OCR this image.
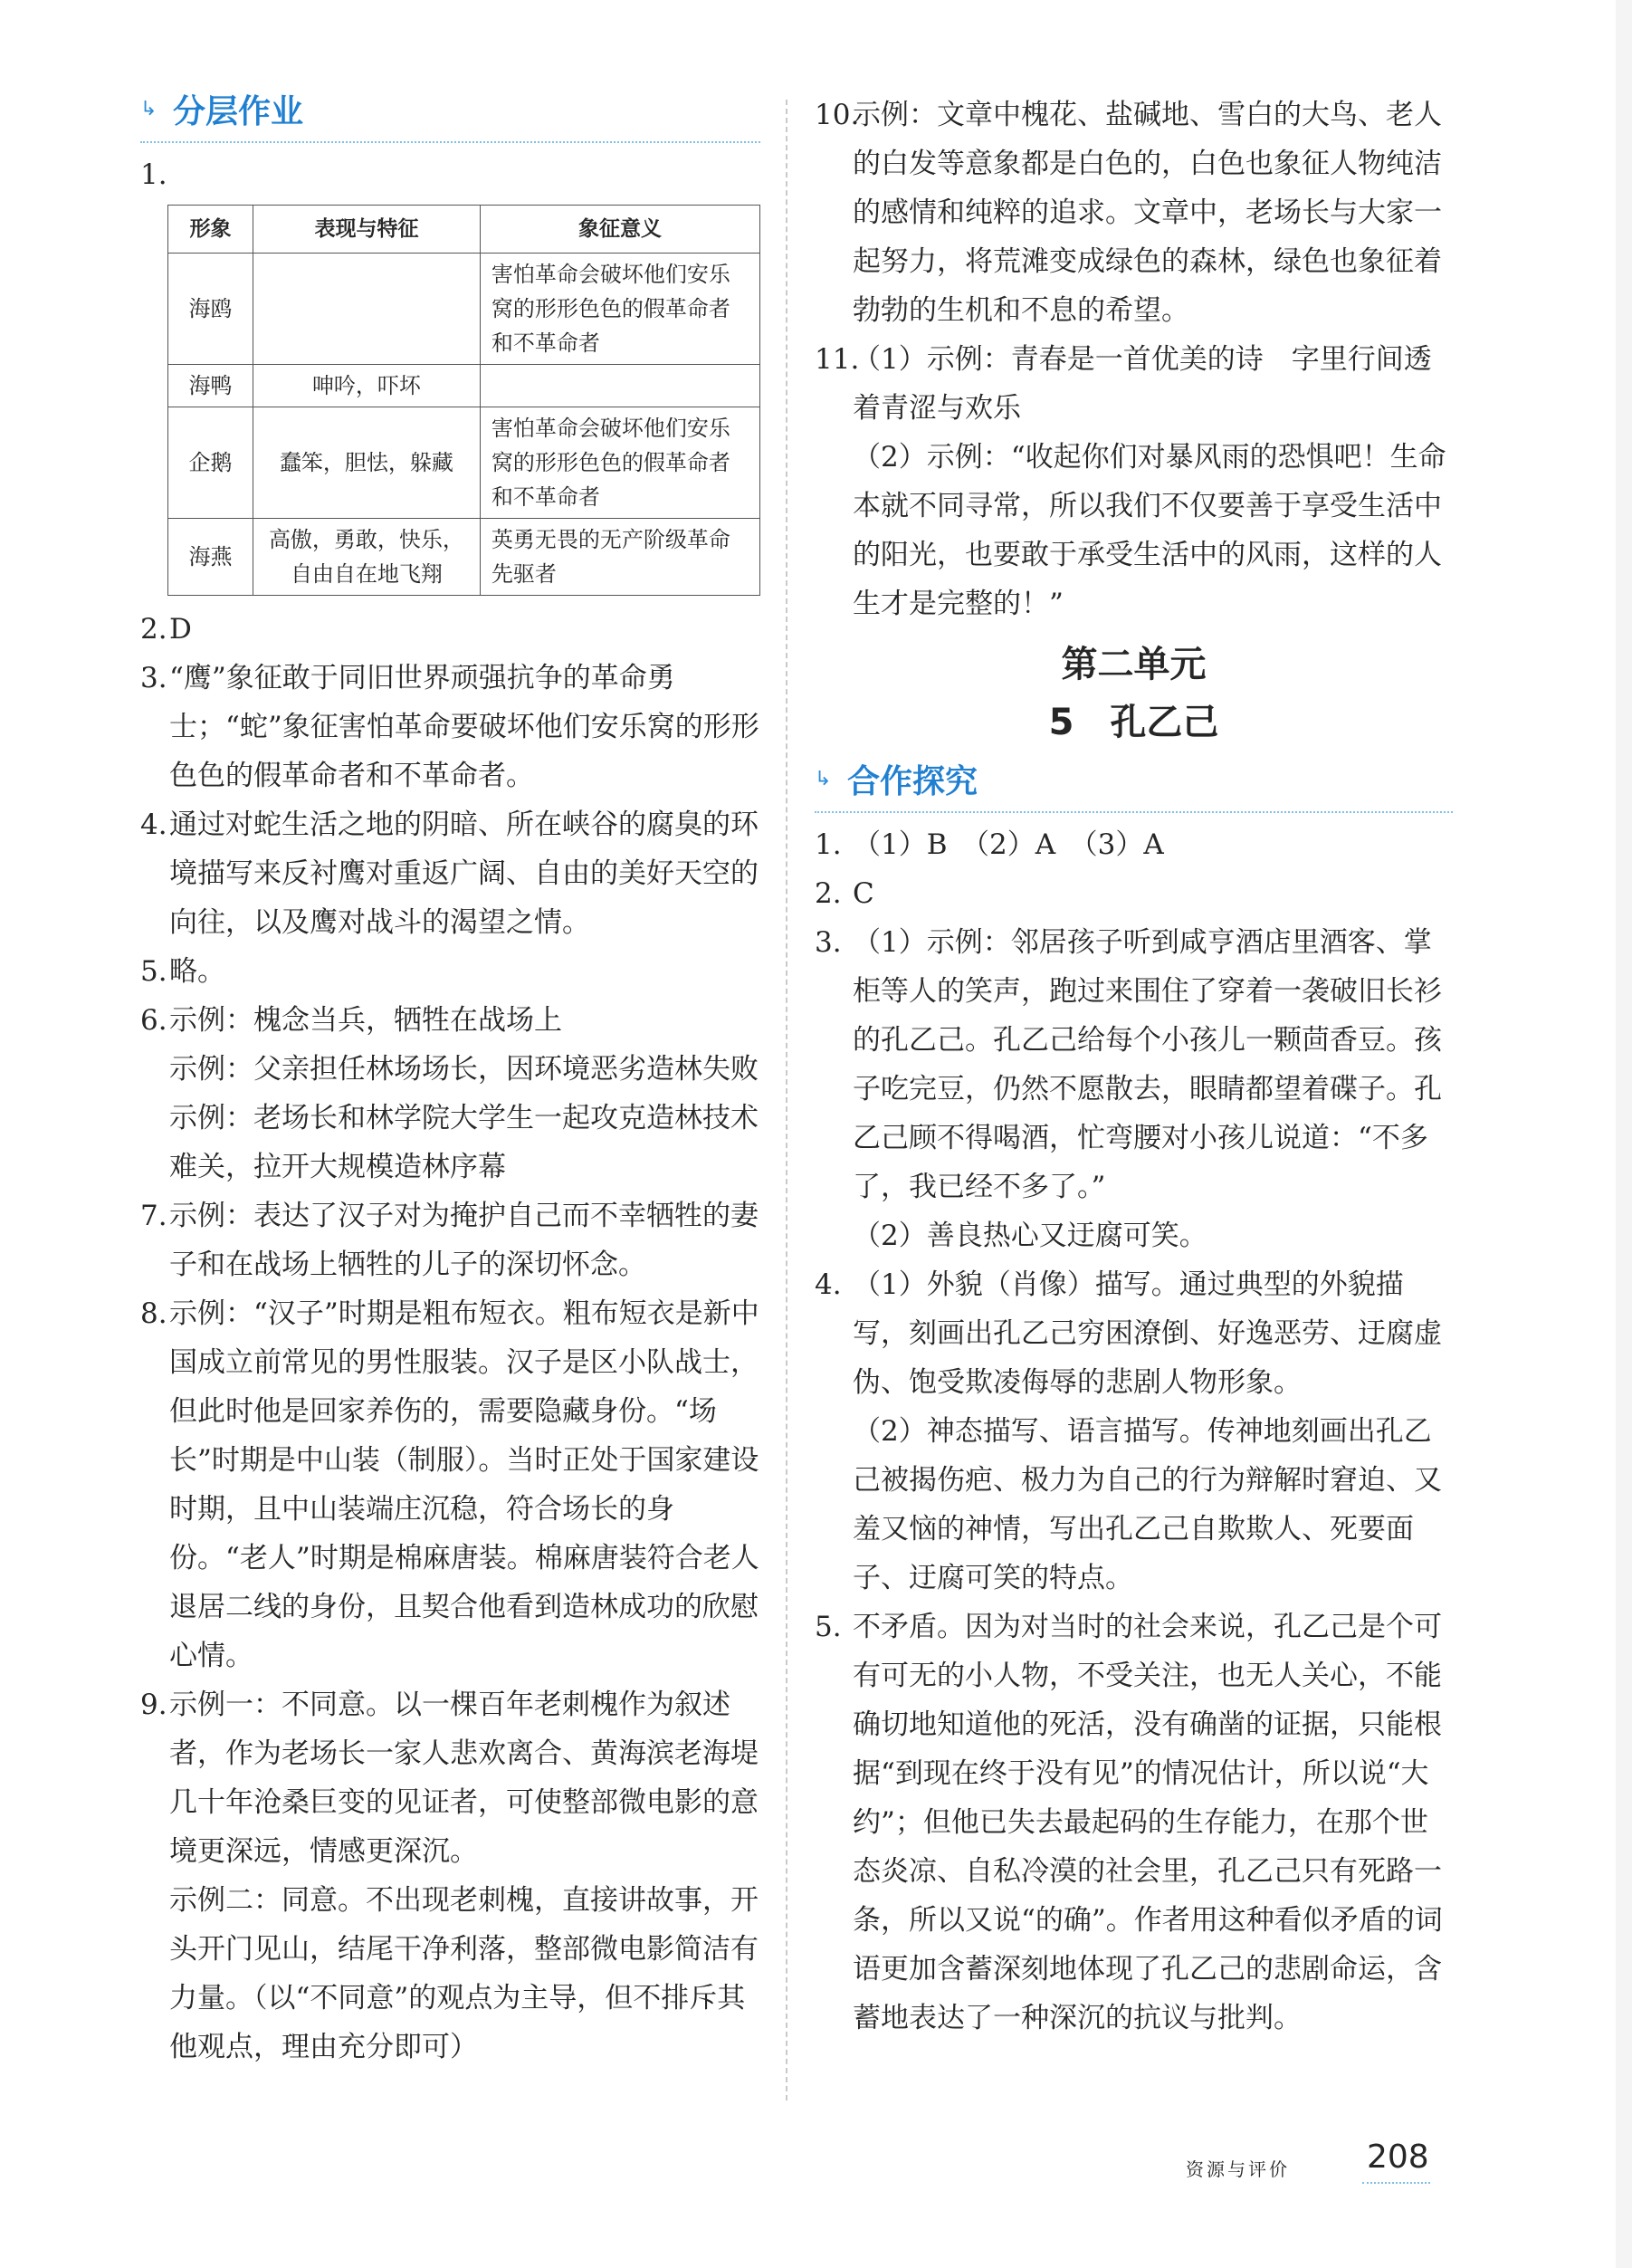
↳ 分层作业
1.

形象	表现与特征	象征意义
海鸥		害怕革命会破坏他们安乐窝的形形色色的假革命者和不革命者
海鸭	呻吟，吓坏	
企鹅	蠢笨，胆怯，躲藏	害怕革命会破坏他们安乐窝的形形色色的假革命者和不革命者
海燕	高傲，勇敢，快乐，自由自在地飞翔	英勇无畏的无产阶级革命先驱者
2. D
3. “鹰”象征敢于同旧世界顽强抗争的革命勇士；“蛇”象征害怕革命要破坏他们安乐窝的形形色色的假革命者和不革命者。
4. 通过对蛇生活之地的阴暗、所在峡谷的腐臭的环境描写来反衬鹰对重返广阔、自由的美好天空的向往，以及鹰对战斗的渴望之情。
5. 略。
6. 示例：槐念当兵，牺牲在战场上
示例：父亲担任林场场长，因环境恶劣造林失败
示例：老场长和林学院大学生一起攻克造林技术难关，拉开大规模造林序幕
7. 示例：表达了汉子对为掩护自己而不幸牺牲的妻子和在战场上牺牲的儿子的深切怀念。
8. 示例：“汉子”时期是粗布短衣。粗布短衣是新中国成立前常见的男性服装。汉子是区小队战士，但此时他是回家养伤的，需要隐藏身份。“场长”时期是中山装（制服）。当时正处于国家建设时期，且中山装端庄沉稳，符合场长的身份。“老人”时期是棉麻唐装。棉麻唐装符合老人退居二线的身份，且契合他看到造林成功的欣慰心情。
9. 示例一：不同意。以一棵百年老刺槐作为叙述者，作为老场长一家人悲欢离合、黄海滨老海堤几十年沧桑巨变的见证者，可使整部微电影的意境更深远，情感更深沉。
示例二：同意。不出现老刺槐，直接讲故事，开头开门见山，结尾干净利落，整部微电影简洁有力量。（以“不同意”的观点为主导，但不排斥其他观点，理由充分即可）
10.
示例：文章中槐花、盐碱地、雪白的大鸟、老人的白发等意象都是白色的，白色也象征人物纯洁的感情和纯粹的追求。文章中，老场长与大家一起努力，将荒滩变成绿色的森林，绿色也象征着勃勃的生机和不息的希望。
11.
（1）示例：青春是一首优美的诗　字里行间透着青涩与欢乐
（2）示例：“收起你们对暴风雨的恐惧吧！生命本就不同寻常，所以我们不仅要善于享受生活中的阳光，也要敢于承受生活中的风雨，这样的人生才是完整的！”
第二单元
5 孔乙己
↳ 合作探究
1. （1）B　（2）A　（3）A
2. C
3. （1）示例：邻居孩子听到咸亨酒店里酒客、掌柜等人的笑声，跑过来围住了穿着一袭破旧长衫的孔乙己。孔乙己给每个小孩儿一颗茴香豆。孩子吃完豆，仍然不愿散去，眼睛都望着碟子。孔乙己顾不得喝酒，忙弯腰对小孩儿说道：“不多了，我已经不多了。”
（2）善良热心又迂腐可笑。
4. （1）外貌（肖像）描写。通过典型的外貌描写，刻画出孔乙己穷困潦倒、好逸恶劳、迂腐虚伪、饱受欺凌侮辱的悲剧人物形象。
（2）神态描写、语言描写。传神地刻画出孔乙己被揭伤疤、极力为自己的行为辩解时窘迫、又羞又恼的神情，写出孔乙己自欺欺人、死要面子、迂腐可笑的特点。
5. 不矛盾。因为对当时的社会来说，孔乙己是个可有可无的小人物，不受关注，也无人关心，不能确切地知道他的死活，没有确凿的证据，只能根据“到现在终于没有见”的情况估计，所以说“大约”；但他已失去最起码的生存能力，在那个世态炎凉、自私冷漠的社会里，孔乙己只有死路一条，所以又说“的确”。作者用这种看似矛盾的词语更加含蓄深刻地体现了孔乙己的悲剧命运，含蓄地表达了一种深沉的抗议与批判。
资源与评价 208
